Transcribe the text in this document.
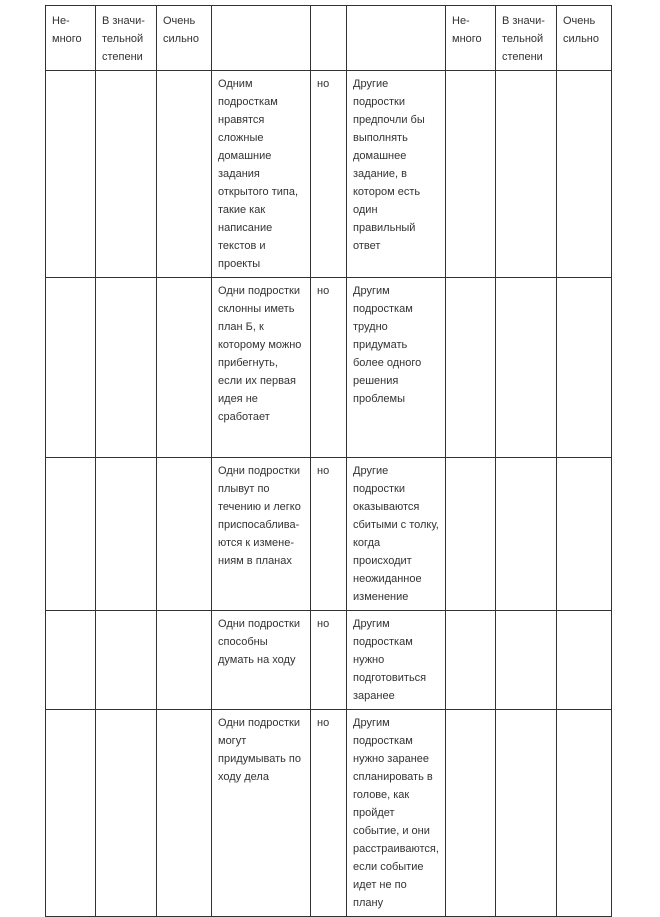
Не- много	В значи- тельной степени	Очень сильно				Не- много	В значи- тельной степени	Очень сильно
			Одним подросткам нравятся сложные домашние задания открытого типа, такие как написание текстов и проекты	но	Другие подростки предпочли бы выполнять домашнее задание, в котором есть один правильный ответ			
			Одни подростки склонны иметь план Б, к которому можно прибегнуть, если их первая идея не сработает	но	Другим подросткам трудно придумать более одного решения проблемы			
			Одни подростки плывут по течению и легко приспосаблива- ются к измене- ниям в планах	но	Другие подростки оказываются сбитыми с толку, когда происходит неожиданное изменение			
			Одни подростки способны думать на ходу	но	Другим подросткам нужно подготовиться заранее			
			Одни подростки могут придумывать по ходу дела	но	Другим подросткам нужно заранее спланировать в голове, как пройдет событие, и они расстраиваются, если событие идет не по плану			
